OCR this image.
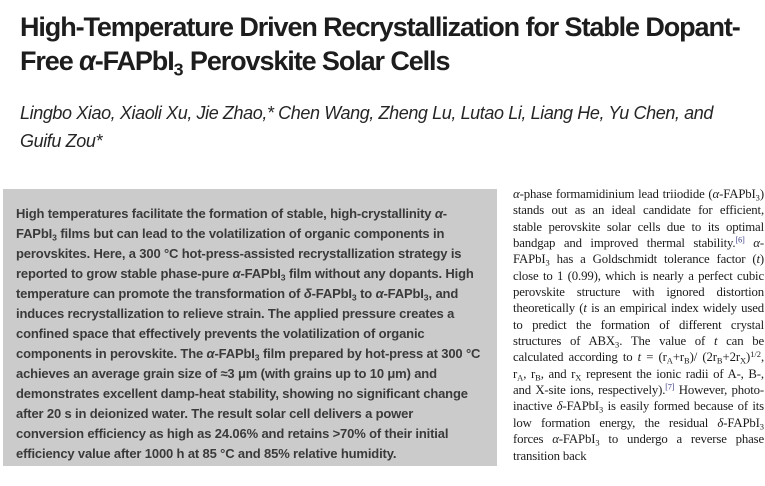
High-Temperature Driven Recrystallization for Stable Dopant-Free α-FAPbI3 Perovskite Solar Cells

Lingbo Xiao, Xiaoli Xu, Jie Zhao,* Chen Wang, Zheng Lu, Lutao Li, Liang He, Yu Chen, and Guifu Zou*

High temperatures facilitate the formation of stable, high-crystallinity α-FAPbI3 films but can lead to the volatilization of organic components in perovskites. Here, a 300 °C hot-press-assisted recrystallization strategy is reported to grow stable phase-pure α-FAPbI3 film without any dopants. High temperature can promote the transformation of δ-FAPbI3 to α-FAPbI3, and induces recrystallization to relieve strain. The applied pressure creates a confined space that effectively prevents the volatilization of organic components in perovskite. The α-FAPbI3 film prepared by hot-press at 300 °C achieves an average grain size of ≈3 μm (with grains up to 10 μm) and demonstrates excellent damp-heat stability, showing no significant change after 20 s in deionized water. The result solar cell delivers a power conversion efficiency as high as 24.06% and retains >70% of their initial efficiency value after 1000 h at 85 °C and 85% relative humidity.

α-phase formamidinium lead triiodide (α-FAPbI3) stands out as an ideal candidate for efficient, stable perovskite solar cells due to its optimal bandgap and improved thermal stability.[6] α-FAPbI3 has a Goldschmidt tolerance factor (t) close to 1 (0.99), which is nearly a perfect cubic perovskite structure with ignored distortion theoretically (t is an empirical index widely used to predict the formation of different crystal structures of ABX3. The value of t can be calculated according to t = (rA+rB)/ $(2rB+2rX)^{1/2}$, rA, rB, and rX represent the ionic radii of A-, B-, and X-site ions, respectively).[7] However, photo-inactive δ-FAPbI3 is easily formed because of its low formation energy, the residual δ-FAPbI3 forces α-FAPbI3 to undergo a reverse phase transition back
